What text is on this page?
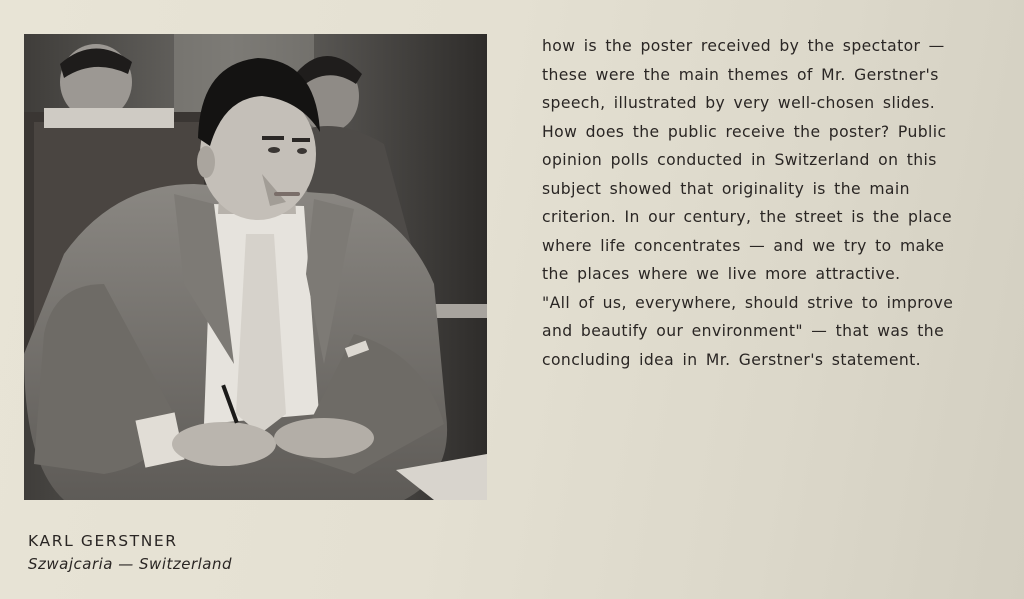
how is the poster received by the spectator —
these were the main themes of Mr. Gerstner's
speech, illustrated by very well-chosen slides.
How does the public receive the poster? Public
opinion polls conducted in Switzerland on this
subject showed that originality is the main
criterion. In our century, the street is the place
where life concentrates — and we try to make
the places where we live more attractive.
"All of us, everywhere, should strive to improve
and beautify our environment" — that was the
concluding idea in Mr. Gerstner's statement.
KARL GERSTNER
Szwajcaria — Switzerland
